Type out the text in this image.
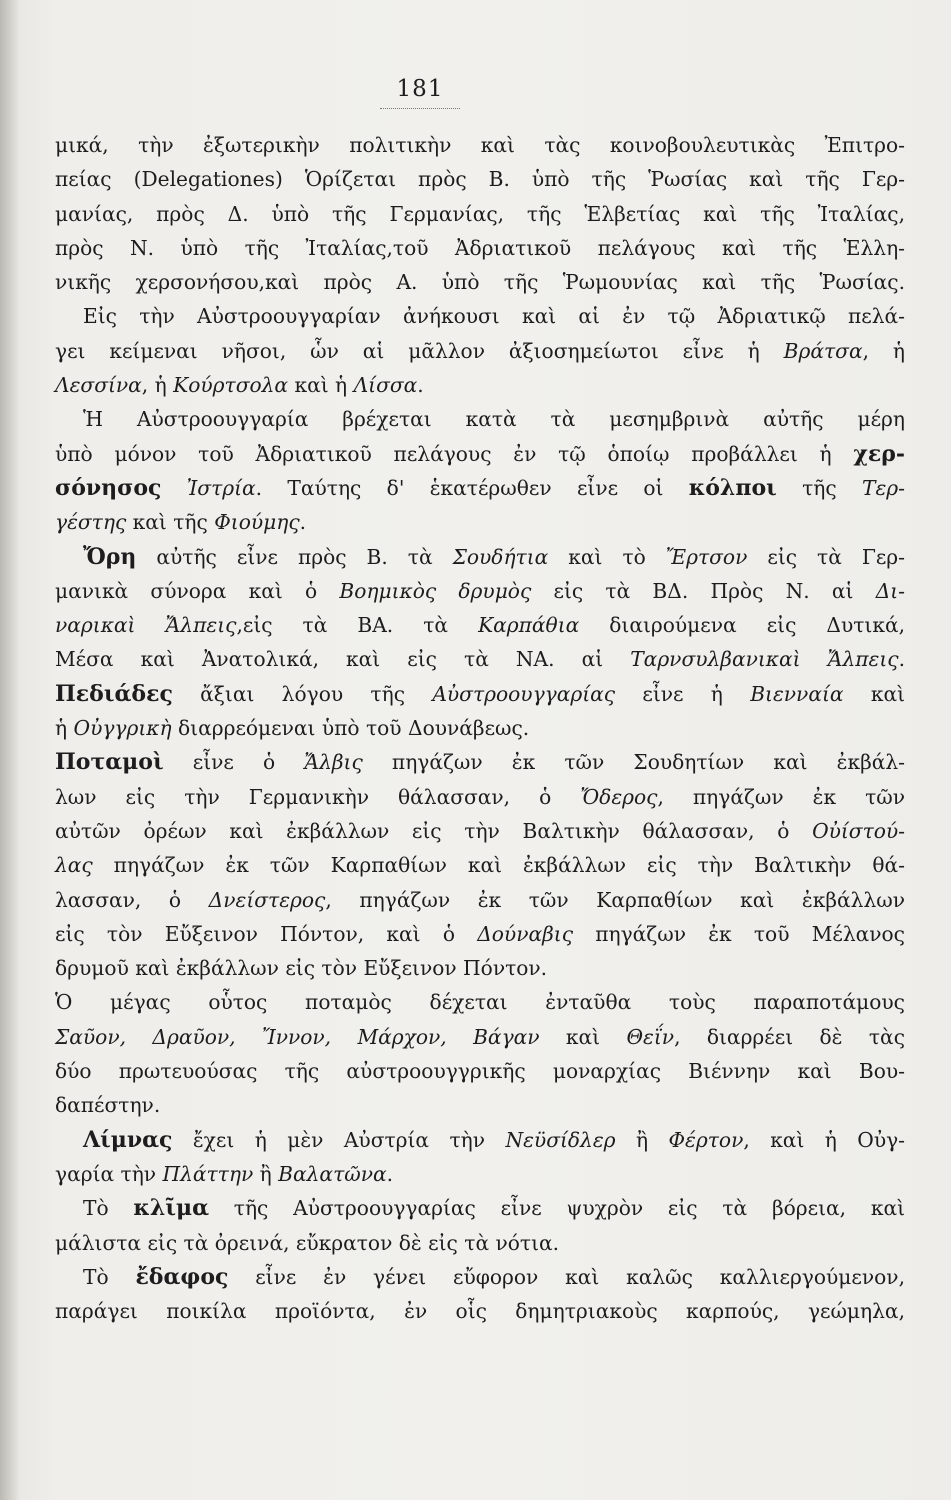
181
μικά, τὴν ἐξωτερικὴν πολιτικὴν καὶ τὰς κοινοβουλευτικὰς Ἐπιτρο-
πείας (Delegationes) Ὁρίζεται πρὸς Β. ὑπὸ τῆς Ῥωσίας καὶ τῆς Γερ-
μανίας, πρὸς Δ. ὑπὸ τῆς Γερμανίας, τῆς Ἑλβετίας καὶ τῆς Ἰταλίας,
πρὸς Ν. ὑπὸ τῆς Ἰταλίας,τοῦ Ἀδριατικοῦ πελάγους καὶ τῆς Ἑλλη-
νικῆς χερσονήσου,καὶ πρὸς Α. ὑπὸ τῆς Ῥωμουνίας καὶ τῆς Ῥωσίας.
Εἰς τὴν Αὐστροουγγαρίαν ἀνήκουσι καὶ αἱ ἐν τῷ Ἀδριατικῷ πελά-
γει κείμεναι νῆσοι, ὧν αἱ μᾶλλον ἀξιοσημείωτοι εἶνε ἡ Βράτσα, ἡ
Λεσσίνα, ἡ Κούρτσολα καὶ ἡ Λίσσα.
Ἡ Αὐστροουγγαρία βρέχεται κατὰ τὰ μεσημβρινὰ αὐτῆς μέρη
ὑπὸ μόνον τοῦ Ἀδριατικοῦ πελάγους ἐν τῷ ὁποίῳ προβάλλει ἡ χερ-
σόνησος Ἰστρία. Ταύτης δ' ἑκατέρωθεν εἶνε οἱ κόλποι τῆς Τερ-
γέστης καὶ τῆς Φιούμης.
Ὄρη αὐτῆς εἶνε πρὸς Β. τὰ Σουδήτια καὶ τὸ Ἔρτσον εἰς τὰ Γερ-
μανικὰ σύνορα καὶ ὁ Βοημικὸς δρυμὸς εἰς τὰ ΒΔ. Πρὸς Ν. αἱ Δι-
ναρικαὶ Ἄλπεις,εἰς τὰ ΒΑ. τὰ Καρπάθια διαιρούμενα εἰς Δυτικά,
Μέσα καὶ Ἀνατολικά, καὶ εἰς τὰ ΝΑ. αἱ Ταρνσυλβανικαὶ Ἄλπεις.
Πεδιάδες ἄξιαι λόγου τῆς Αὐστροουγγαρίας εἶνε ἡ Βιενναία καὶ
ἡ Οὐγγρικὴ διαρρεόμεναι ὑπὸ τοῦ Δουνάβεως.
Ποταμοὶ εἶνε ὁ Ἄλβις πηγάζων ἐκ τῶν Σουδητίων καὶ ἐκβάλ-
λων εἰς τὴν Γερμανικὴν θάλασσαν, ὁ Ὄδερος, πηγάζων ἐκ τῶν
αὐτῶν ὀρέων καὶ ἐκβάλλων εἰς τὴν Βαλτικὴν θάλασσαν, ὁ Οὐίστού-
λας πηγάζων ἐκ τῶν Καρπαθίων καὶ ἐκβάλλων εἰς τὴν Βαλτικὴν θά-
λασσαν, ὁ Δνείστερος, πηγάζων ἐκ τῶν Καρπαθίων καὶ ἐκβάλλων
εἰς τὸν Εὔξεινον Πόντον, καὶ ὁ Δούναβις πηγάζων ἐκ τοῦ Μέλανος
δρυμοῦ καὶ ἐκβάλλων εἰς τὸν Εὔξεινον Πόντον.
Ὁ μέγας οὗτος ποταμὸς δέχεται ἐνταῦθα τοὺς παραποτάμους
Σαῦον, Δραῦον, Ἴννον, Μάρχον, Βάγαν καὶ Θεΐν, διαρρέει δὲ τὰς
δύο πρωτευούσας τῆς αὐστροουγγρικῆς μοναρχίας Βιέννην καὶ Βου-
δαπέστην.
Λίμνας ἔχει ἡ μὲν Αὐστρία τὴν Νεϋσίδλερ ἢ Φέρτον, καὶ ἡ Οὐγ-
γαρία τὴν Πλάττην ἢ Βαλατῶνα.
Τὸ κλῖμα τῆς Αὐστροουγγαρίας εἶνε ψυχρὸν εἰς τὰ βόρεια, καὶ
μάλιστα εἰς τὰ ὀρεινά, εὔκρατον δὲ εἰς τὰ νότια.
Τὸ ἔδαφος εἶνε ἐν γένει εὔφορον καὶ καλῶς καλλιεργούμενον,
παράγει ποικίλα προϊόντα, ἐν οἷς δημητριακοὺς καρπούς, γεώμηλα,
